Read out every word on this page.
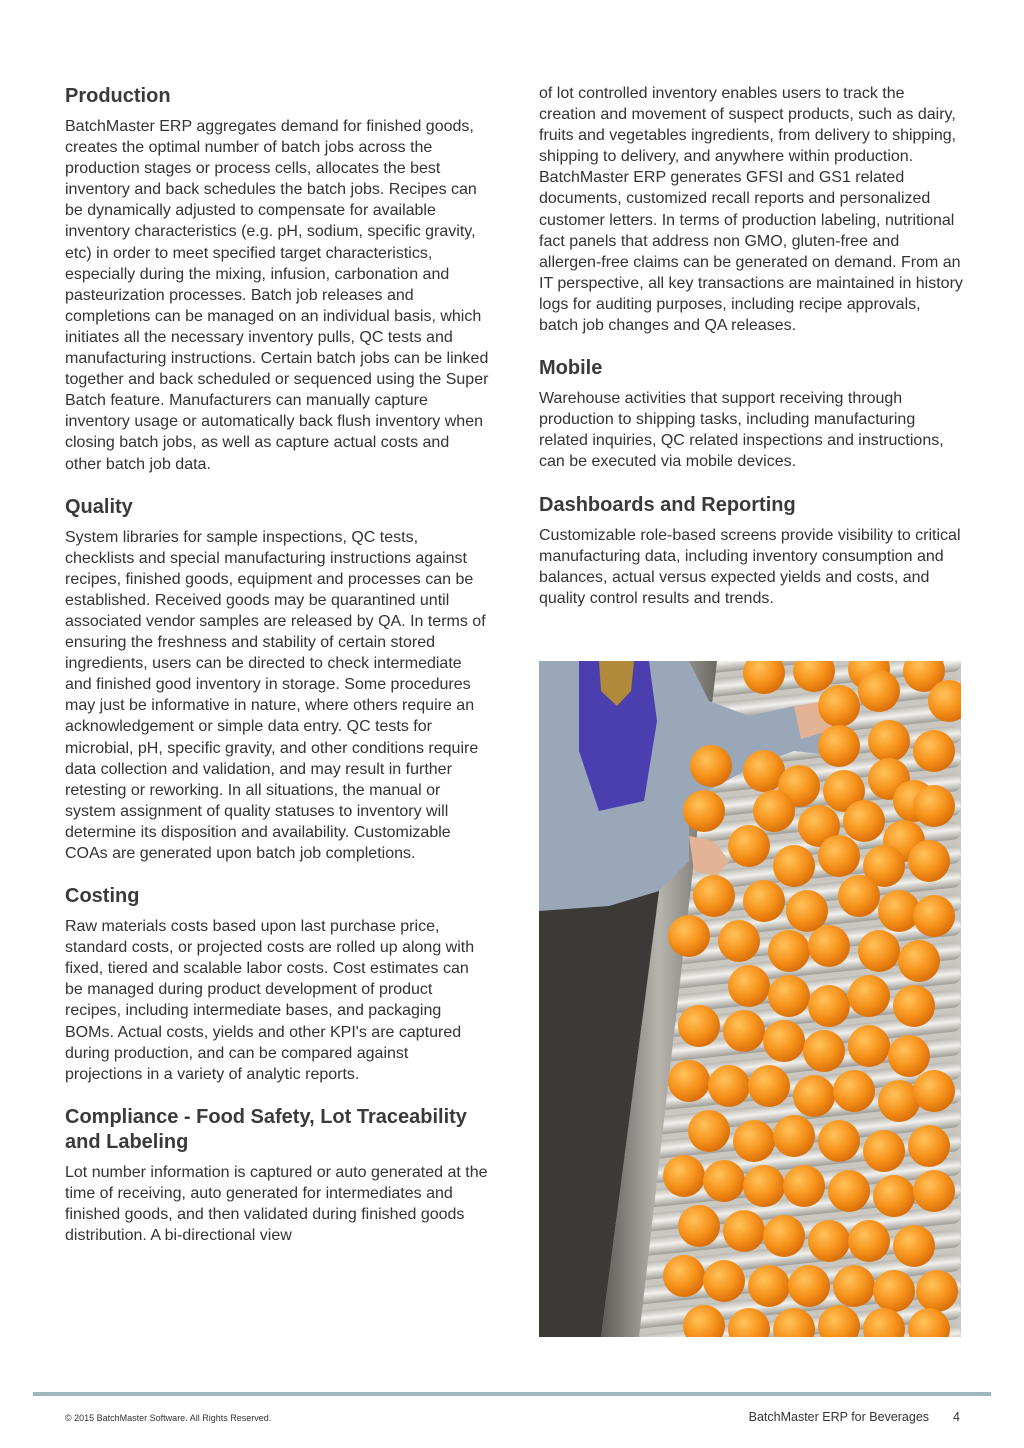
Production

BatchMaster ERP aggregates demand for finished goods, creates the optimal number of batch jobs across the production stages or process cells, allocates the best inventory and back schedules the batch jobs. Recipes can be dynamically adjusted to compensate for available inventory characteristics (e.g. pH, sodium, specific gravity, etc) in order to meet specified target characteristics, especially during the mixing, infusion, carbonation and pasteurization processes. Batch job releases and completions can be managed on an individual basis, which initiates all the necessary inventory pulls, QC tests and manufacturing instructions. Certain batch jobs can be linked together and back scheduled or sequenced using the Super Batch feature. Manufacturers can manually capture inventory usage or automatically back flush inventory when closing batch jobs, as well as capture actual costs and other batch job data.

Quality

System libraries for sample inspections, QC tests, checklists and special manufacturing instructions against recipes, finished goods, equipment and processes can be established. Received goods may be quarantined until associated vendor samples are released by QA. In terms of ensuring the freshness and stability of certain stored ingredients, users can be directed to check intermediate and finished good inventory in storage. Some procedures may just be informative in nature, where others require an acknowledgement or simple data entry. QC tests for microbial, pH, specific gravity, and other conditions require data collection and validation, and may result in further retesting or reworking. In all situations, the manual or system assignment of quality statuses to inventory will determine its disposition and availability. Customizable COAs are generated upon batch job completions.

Costing

Raw materials costs based upon last purchase price, standard costs, or projected costs are rolled up along with fixed, tiered and scalable labor costs. Cost estimates can be managed during product development of product recipes, including intermediate bases, and packaging BOMs. Actual costs, yields and other KPI's are captured during production, and can be compared against projections in a variety of analytic reports.

Compliance - Food Safety, Lot Traceability and Labeling

Lot number information is captured or auto generated at the time of receiving, auto generated for intermediates and finished goods, and then validated during finished goods distribution. A bi-directional view

of lot controlled inventory enables users to track the creation and movement of suspect products, such as dairy, fruits and vegetables ingredients, from delivery to shipping, shipping to delivery, and anywhere within production. BatchMaster ERP generates GFSI and GS1 related documents, customized recall reports and personalized customer letters. In terms of production labeling, nutritional fact panels that address non GMO, gluten-free and allergen-free claims can be generated on demand. From an IT perspective, all key transactions are maintained in history logs for auditing purposes, including recipe approvals, batch job changes and QA releases.

Mobile

Warehouse activities that support receiving through production to shipping tasks, including manufacturing related inquiries, QC related inspections and instructions, can be executed via mobile devices.

Dashboards and Reporting

Customizable role-based screens provide visibility to critical manufacturing data, including inventory consumption and balances, actual versus expected yields and costs, and quality control results and trends.

© 2015 BatchMaster Software. All Rights Reserved.	BatchMaster ERP for Beverages 4
